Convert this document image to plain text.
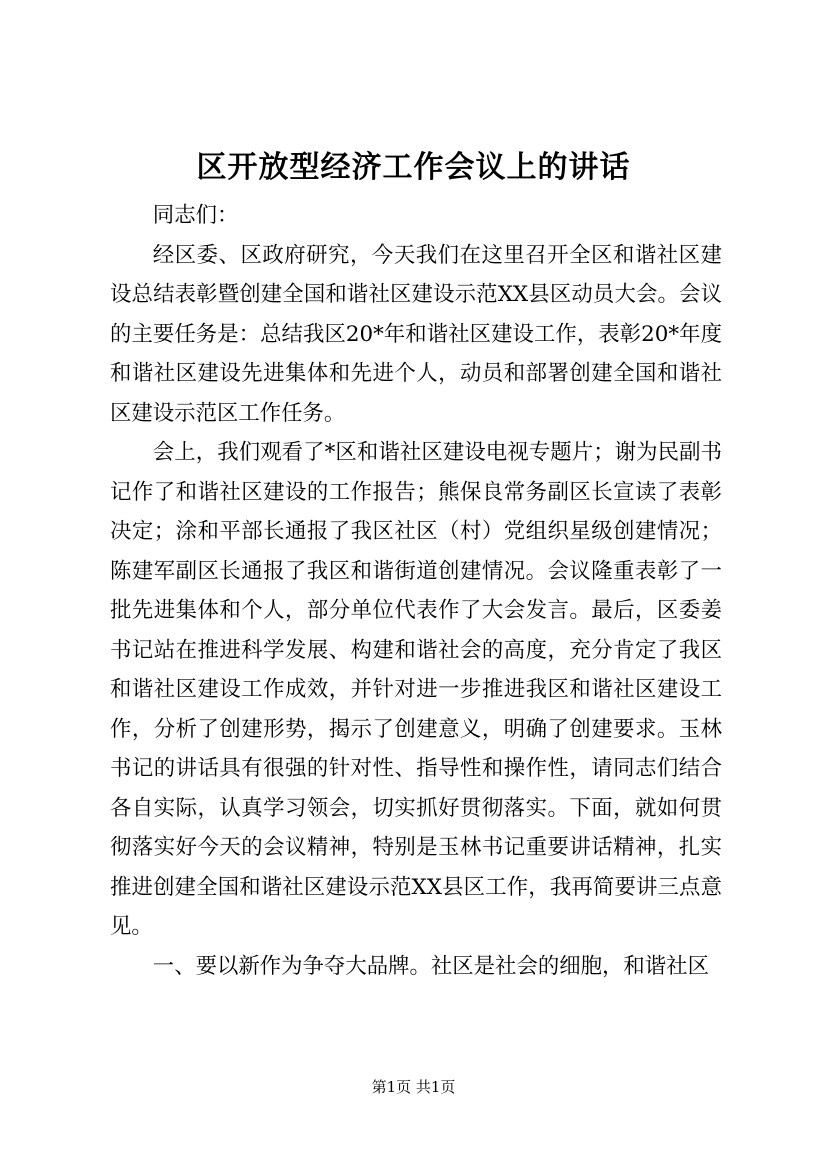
区开放型经济工作会议上的讲话

同志们：

经区委、区政府研究，今天我们在这里召开全区和谐社区建设总结表彰暨创建全国和谐社区建设示范XX县区动员大会。会议的主要任务是：总结我区20*年和谐社区建设工作，表彰20*年度和谐社区建设先进集体和先进个人，动员和部署创建全国和谐社区建设示范区工作任务。

会上，我们观看了*区和谐社区建设电视专题片；谢为民副书记作了和谐社区建设的工作报告；熊保良常务副区长宣读了表彰决定；涂和平部长通报了我区社区（村）党组织星级创建情况；陈建军副区长通报了我区和谐街道创建情况。会议隆重表彰了一批先进集体和个人，部分单位代表作了大会发言。最后，区委姜书记站在推进科学发展、构建和谐社会的高度，充分肯定了我区和谐社区建设工作成效，并针对进一步推进我区和谐社区建设工作，分析了创建形势，揭示了创建意义，明确了创建要求。玉林书记的讲话具有很强的针对性、指导性和操作性，请同志们结合各自实际，认真学习领会，切实抓好贯彻落实。下面，就如何贯彻落实好今天的会议精神，特别是玉林书记重要讲话精神，扎实推进创建全国和谐社区建设示范XX县区工作，我再简要讲三点意见。

一、要以新作为争夺大品牌。社区是社会的细胞，和谐社区

第1页 共1页
